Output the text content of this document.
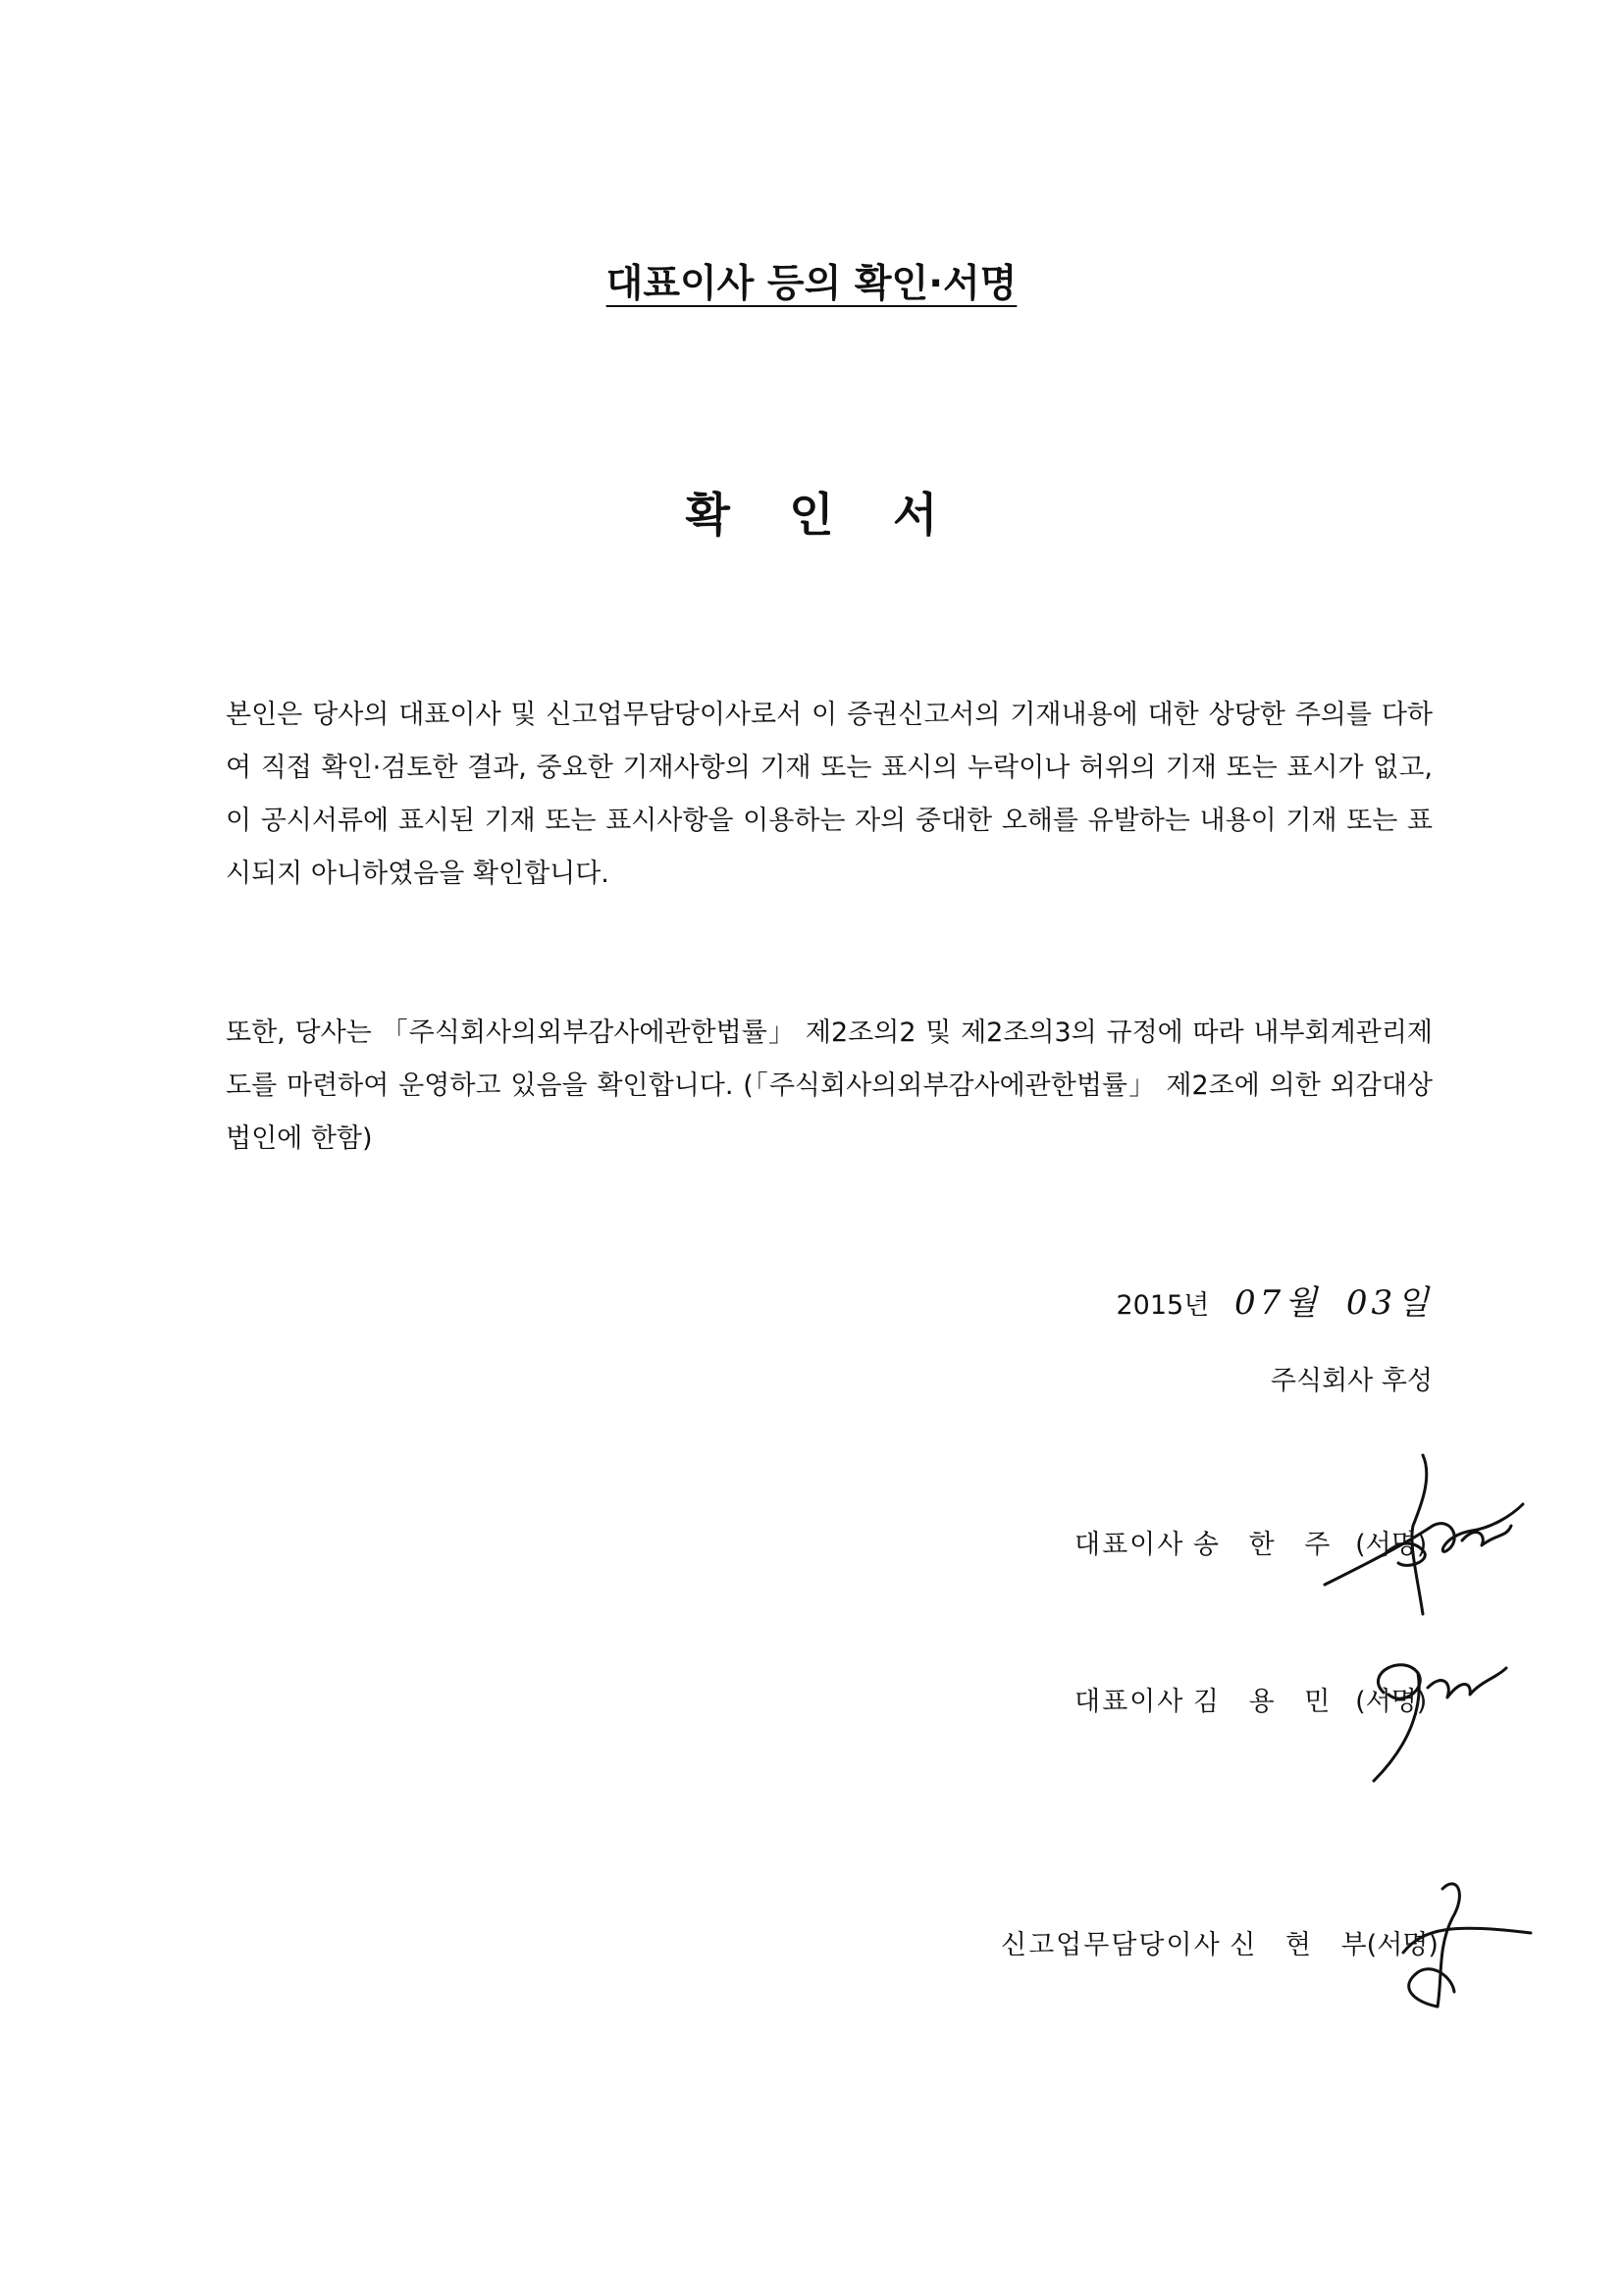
대표이사 등의 확인·서명
확 인 서
본인은 당사의 대표이사 및 신고업무담당이사로서 이 증권신고서의 기재내용에 대한 상당한 주의를 다하여 직접 확인·검토한 결과, 중요한 기재사항의 기재 또는 표시의 누락이나 허위의 기재 또는 표시가 없고, 이 공시서류에 표시된 기재 또는 표시사항을 이용하는 자의 중대한 오해를 유발하는 내용이 기재 또는 표시되지 아니하였음을 확인합니다.
또한, 당사는 「주식회사의외부감사에관한법률」 제2조의2 및 제2조의3의 규정에 따라 내부회계관리제도를 마련하여 운영하고 있음을 확인합니다. (「주식회사의외부감사에관한법률」 제2조에 의한 외감대상법인에 한함)
2015년 07월 03일
주식회사 후성
대표이사 송 한 주 (서명)
대표이사 김 용 민 (서명)
신고업무담당이사 신 현 부(서명)
